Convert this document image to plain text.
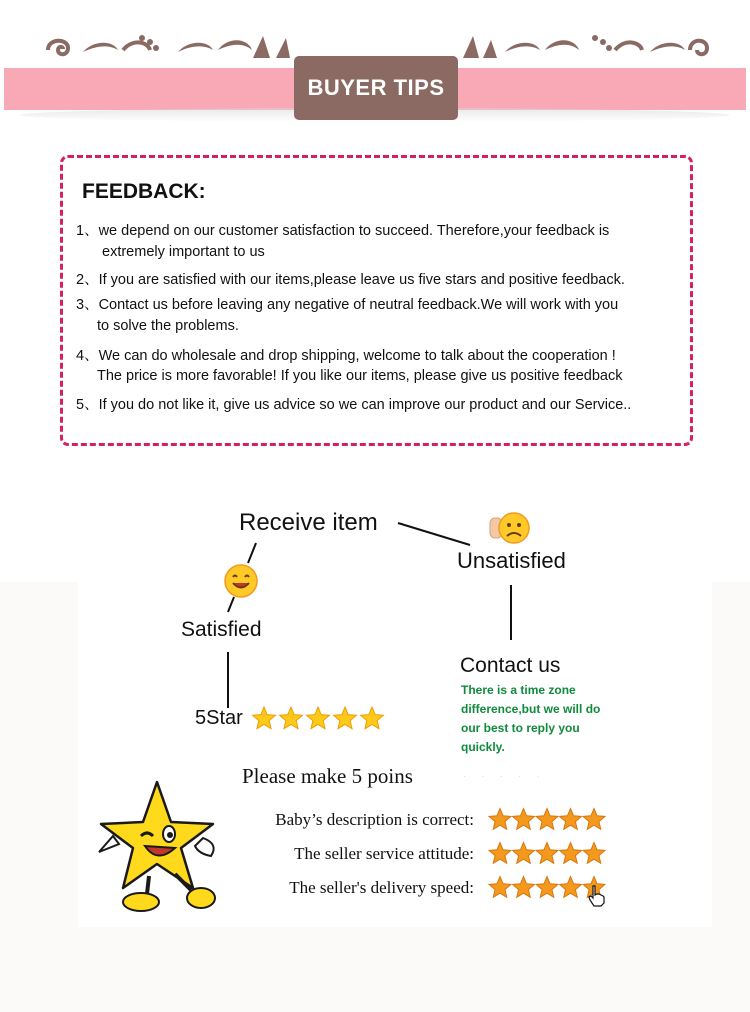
BUYER TIPS
FEEDBACK:
1、we depend on our customer satisfaction to succeed. Therefore,your feedback is
extremely important to us
2、If you are satisfied with our items,please leave us five stars and positive feedback.
3、Contact us before leaving any negative of neutral feedback.We will work with you
to solve the problems.
4、We can do wholesale and drop shipping, welcome to talk about the cooperation !
The price is more favorable! If you like our items, please give us positive feedback
5、If you do not like it, give us advice so we can improve our product and our Service..
Receive item
Unsatisfied
Satisfied
5Star
Contact us
There is a time zone difference,but we will do our best to reply you quickly.
Please make 5 poins	·····
Baby’s description is correct:
The seller service attitude:
The seller's delivery speed:
